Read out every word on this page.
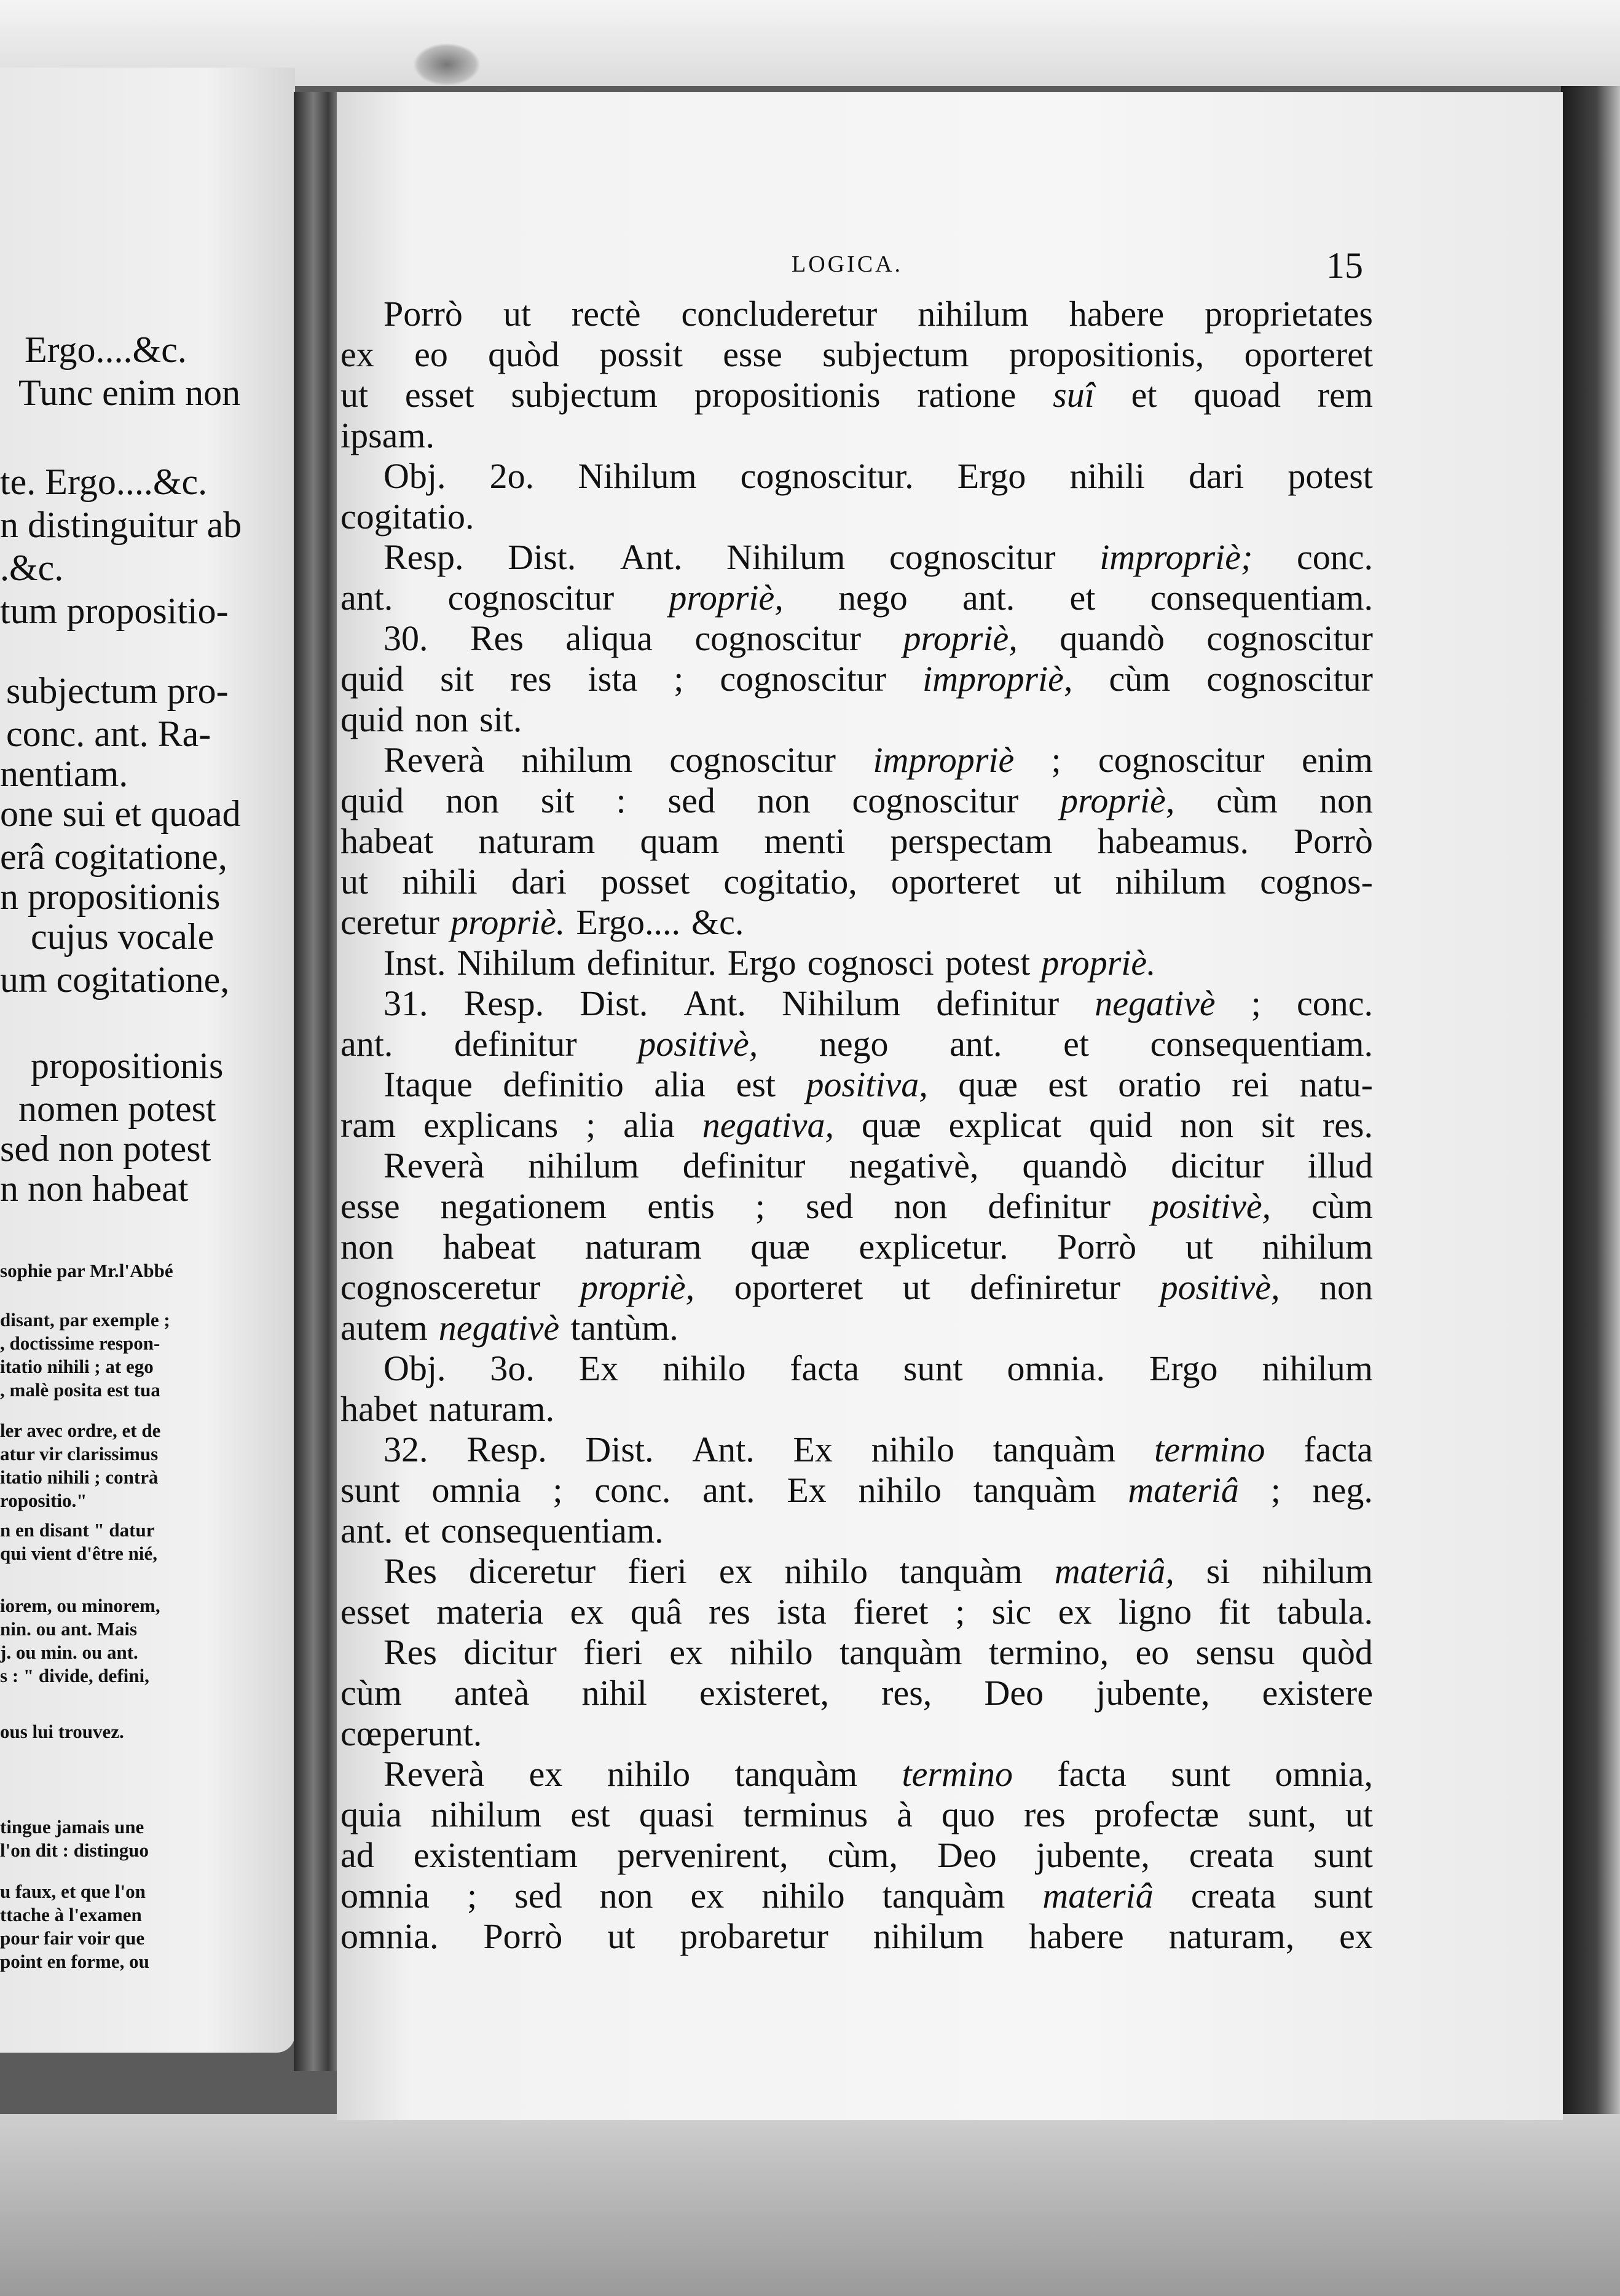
Ergo....&c.
Tunc enim non
te. Ergo....&c.
n distinguitur ab
.&c.
tum propositio-
subjectum pro-
conc. ant. Ra-
nentiam.
one sui et quoad
erâ cogitatione,
n propositionis
cujus vocale
um cogitatione,
propositionis
nomen potest
sed non potest
n non habeat
sophie par Mr.l'Abbé
disant, par exemple ;
, doctissime respon-
itatio nihili ; at ego
, malè posita est tua
ler avec ordre, et de
atur vir clarissimus
itatio nihili ; contrà
ropositio."
n en disant " datur
qui vient d'être nié,
iorem, ou minorem,
nin. ou ant. Mais
j. ou min. ou ant.
s : " divide, defini,
ous lui trouvez.
tingue jamais une
l'on dit : distinguo
u faux, et que l'on
ttache à l'examen
pour fair voir que
point en forme, ou
LOGICA.	15
Porrò ut rectè concluderetur nihilum habere proprietates
ex eo quòd possit esse subjectum propositionis, oporteret
ut esset subjectum propositionis ratione suî et quoad rem
ipsam.
Obj. 2o. Nihilum cognoscitur. Ergo nihili dari potest
cogitatio.
Resp. Dist. Ant. Nihilum cognoscitur impropriè; conc.
ant. cognoscitur propriè, nego ant. et consequentiam.
30. Res aliqua cognoscitur propriè, quandò cognoscitur
quid sit res ista ; cognoscitur impropriè, cùm cognoscitur
quid non sit.
Reverà nihilum cognoscitur impropriè ; cognoscitur enim
quid non sit : sed non cognoscitur propriè, cùm non
habeat naturam quam menti perspectam habeamus. Porrò
ut nihili dari posset cogitatio, oporteret ut nihilum cognos-
ceretur propriè. Ergo.... &c.
Inst. Nihilum definitur. Ergo cognosci potest propriè.
31. Resp. Dist. Ant. Nihilum definitur negativè ; conc.
ant. definitur positivè, nego ant. et consequentiam.
Itaque definitio alia est positiva, quæ est oratio rei natu-
ram explicans ; alia negativa, quæ explicat quid non sit res.
Reverà nihilum definitur negativè, quandò dicitur illud
esse negationem entis ; sed non definitur positivè, cùm
non habeat naturam quæ explicetur. Porrò ut nihilum
cognosceretur propriè, oporteret ut definiretur positivè, non
autem negativè tantùm.
Obj. 3o. Ex nihilo facta sunt omnia. Ergo nihilum
habet naturam.
32. Resp. Dist. Ant. Ex nihilo tanquàm termino facta
sunt omnia ; conc. ant. Ex nihilo tanquàm materiâ ; neg.
ant. et consequentiam.
Res diceretur fieri ex nihilo tanquàm materiâ, si nihilum
esset materia ex quâ res ista fieret ; sic ex ligno fit tabula.
Res dicitur fieri ex nihilo tanquàm termino, eo sensu quòd
cùm anteà nihil existeret, res, Deo jubente, existere
cœperunt.
Reverà ex nihilo tanquàm termino facta sunt omnia,
quia nihilum est quasi terminus à quo res profectæ sunt, ut
ad existentiam pervenirent, cùm, Deo jubente, creata sunt
omnia ; sed non ex nihilo tanquàm materiâ creata sunt
omnia. Porrò ut probaretur nihilum habere naturam, ex
